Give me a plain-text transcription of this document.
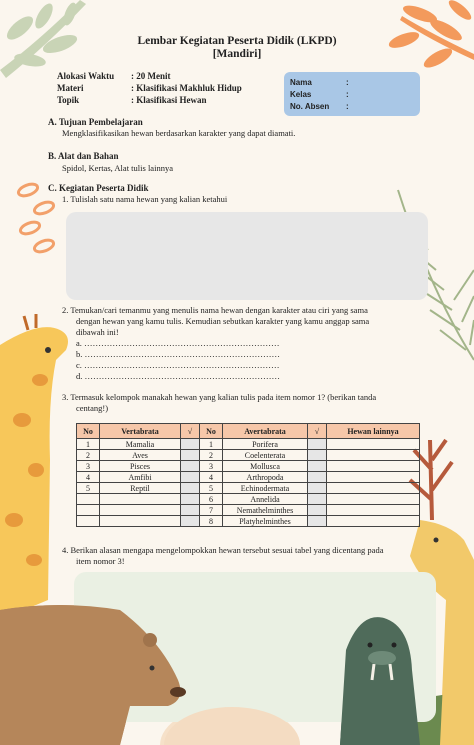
Lembar Kegiatan Peserta Didik (LKPD)
[Mandiri]
Alokasi Waktu : 20 Menit
Materi	: Klasifikasi Makhluk Hidup
Topik	: Klasifikasi Hewan
Nama	:
Kelas	:
No. Absen :
A. Tujuan Pembelajaran
Mengklasifikasikan hewan berdasarkan karakter yang dapat diamati.
B. Alat dan Bahan
Spidol, Kertas, Alat tulis lainnya
C. Kegiatan Peserta Didik
1. Tulislah satu nama hewan yang kalian ketahui
2. Temukan/cari temanmu yang menulis nama hewan dengan karakter atau ciri yang sama
dengan hewan yang kamu tulis. Kemudian sebutkan karakter yang kamu anggap sama
dibawah ini!
a. ……………………………………………………………
b. ……………………………………………………………
c. ……………………………………………………………
d. ……………………………………………………………
3. Termasuk kelompok manakah hewan yang kalian tulis pada item nomor 1? (berikan tanda
centang!)
No	Vertabrata	√	No	Avertabrata	√	Hewan lainnya
1	Mamalia		1	Porifera		
2	Aves		2	Coelenterata		
3	Pisces		3	Mollusca		
4	Amfibi		4	Arthropoda		
5	Reptil		5	Echinodermata		
			6	Annelida		
			7	Nemathelminthes		
			8	Platyhelminthes		
4. Berikan alasan mengapa mengelompokkan hewan tersebut sesuai tabel yang dicentang pada
item nomor 3!
